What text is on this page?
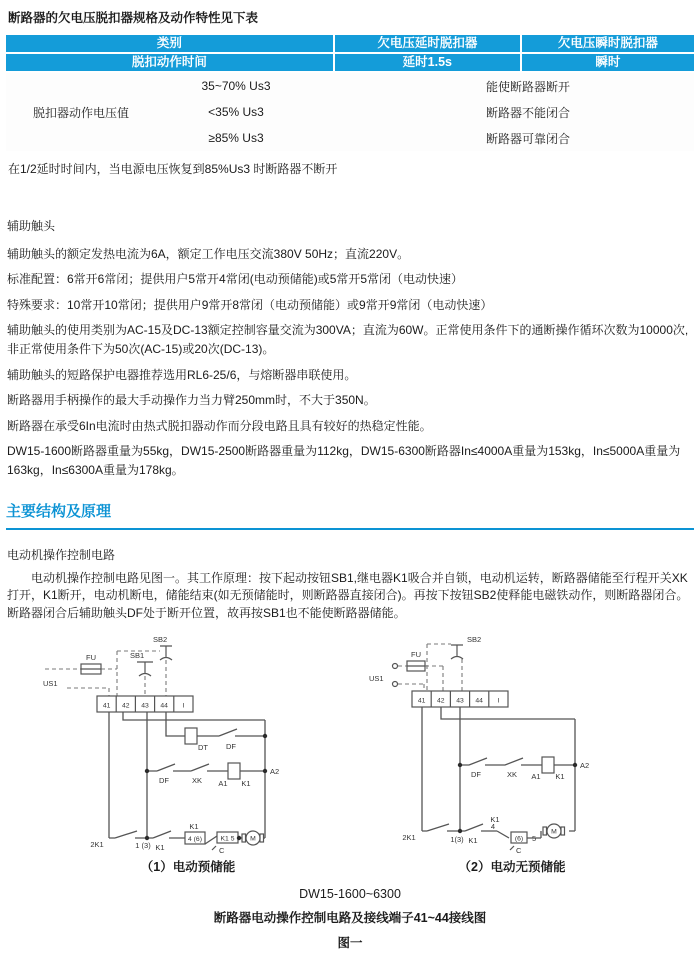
断路器的欠电压脱扣器规格及动作特性见下表

类别	欠电压延时脱扣器	欠电压瞬时脱扣器
脱扣动作时间	延时1.5s	瞬时
脱扣器动作电压值
35~70% Us3	能使断路器断开
<35% Us3	断路器不能闭合
≥85% Us3	断路器可靠闭合

在1/2延时时间内，当电源电压恢复到85%Us3 时断路器不断开

辅助触头

辅助触头的额定发热电流为6A，额定工作电压交流380V 50Hz；直流220V。

标准配置：6常开6常闭；提供用户5常开4常闭(电动预储能)或5常开5常闭（电动快速）

特殊要求：10常开10常闭；提供用户9常开8常闭（电动预储能）或9常开9常闭（电动快速）

辅助触头的使用类别为AC-15及DC-13额定控制容量交流为300VA；直流为60W。正常使用条件下的通断操作循环次数为10000次,非正常使用条件下为50次(AC-15)或20次(DC-13)。

辅助触头的短路保护电器推荐选用RL6-25/6，与熔断器串联使用。

断路器用手柄操作的最大手动操作力当力臂250mm时，不大于350N。

断路器在承受6In电流时由热式脱扣器动作而分段电路且具有较好的热稳定性能。

DW15-1600断路器重量为55kg，DW15-2500断路器重量为112kg，DW15-6300断路器In≤4000A重量为153kg，In≤5000A重量为163kg，In≤6300A重量为178kg。

主要结构及原理

电动机操作控制电路

电动机操作控制电路见图一。其工作原理：按下起动按钮SB1,继电器K1吸合并自锁，电动机运转，断路器储能至行程开关XK打开，K1断开，电动机断电，储能结束(如无预储能时，则断路器直接闭合)。再按下按钮SB2使释能电磁铁动作，则断路器闭合。断路器闭合后辅助触头DF处于断开位置，故再按SB1也不能使断路器储能。

FU
US1
SB1
SB2
41 42 43 44 I
DT DF
DF	XK A1 K1
A2
4 (6)	K1 5
2K1	1 (3) K1
K1
C
M
（1）电动预储能
US1
FU
SB2
41 42 43 44 I
DF	XK A1 K1
A2
(6) 5
2K1	1(3) K1
K1
4
C
M
（2）电动无预储能
DW15-1600~6300
断路器电动操作控制电路及接线端子41~44接线图
图一
